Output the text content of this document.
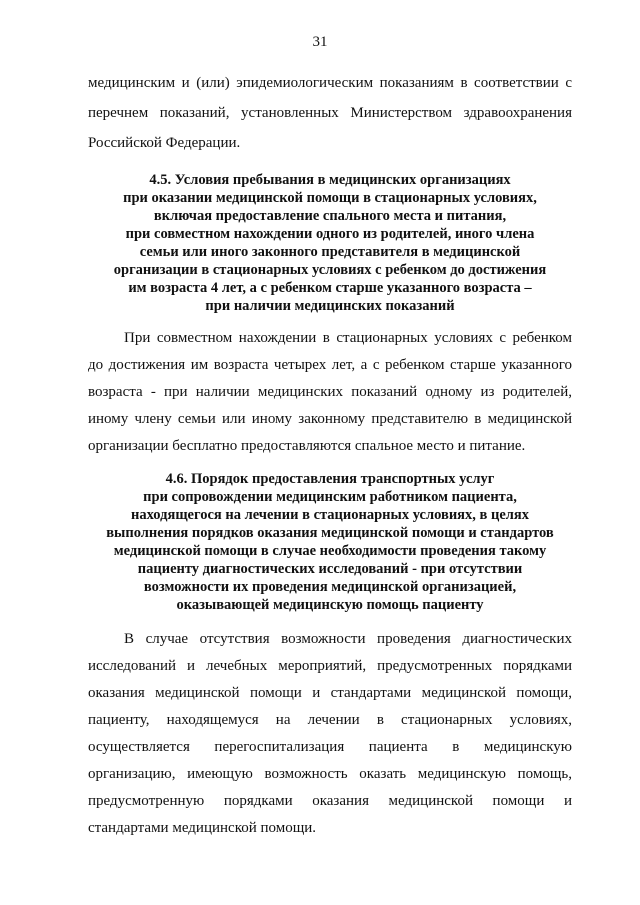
31
медицинским и (или) эпидемиологическим показаниям в соответствии с
перечнем показаний, установленных Министерством здравоохранения
Российской Федерации.
4.5. Условия пребывания в медицинских организациях
при оказании медицинской помощи в стационарных условиях,
включая предоставление спального места и питания,
при совместном нахождении одного из родителей, иного члена
семьи или иного законного представителя в медицинской
организации в стационарных условиях с ребенком до достижения
им возраста 4 лет, а с ребенком старше указанного возраста –
при наличии медицинских показаний
При совместном нахождении в стационарных условиях с ребенком
до достижения им возраста четырех лет, а с ребенком старше указанного
возраста - при наличии медицинских показаний одному из родителей,
иному члену семьи или иному законному представителю в медицинской
организации бесплатно предоставляются спальное место и питание.
4.6. Порядок предоставления транспортных услуг
при сопровождении медицинским работником пациента,
находящегося на лечении в стационарных условиях, в целях
выполнения порядков оказания медицинской помощи и стандартов
медицинской помощи в случае необходимости проведения такому
пациенту диагностических исследований - при отсутствии
возможности их проведения медицинской организацией,
оказывающей медицинскую помощь пациенту
В случае отсутствия возможности проведения диагностических
исследований и лечебных мероприятий, предусмотренных порядками
оказания медицинской помощи и стандартами медицинской помощи,
пациенту, находящемуся на лечении в стационарных условиях,
осуществляется перегоспитализация пациента в медицинскую
организацию, имеющую возможность оказать медицинскую помощь,
предусмотренную порядками оказания медицинской помощи и
стандартами медицинской помощи.
